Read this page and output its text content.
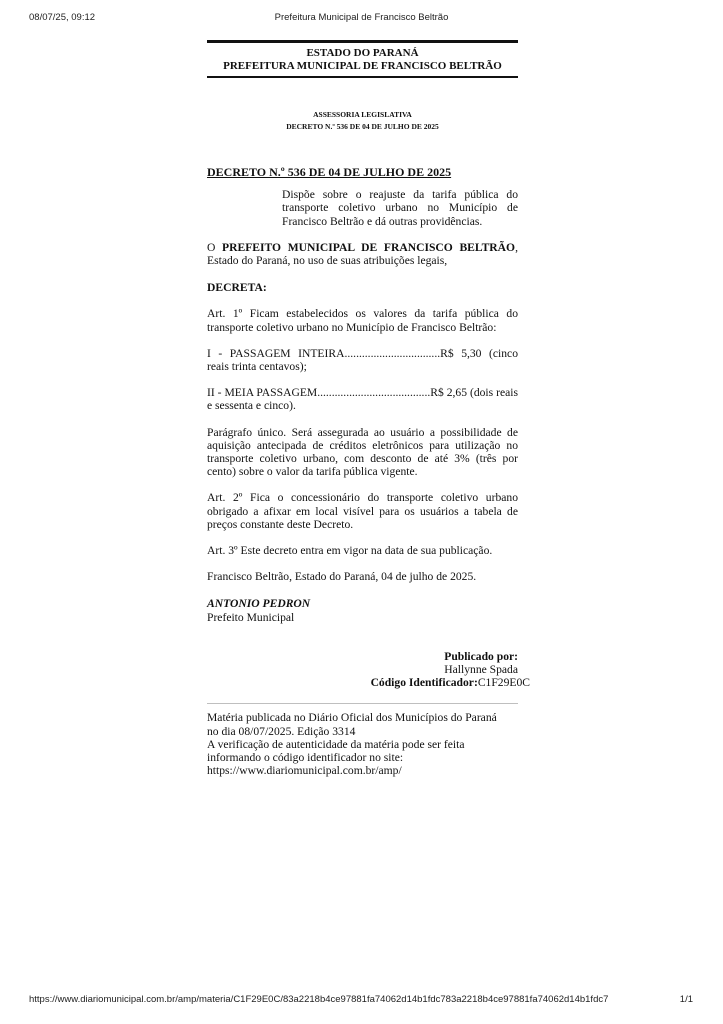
08/07/25, 09:12	Prefeitura Municipal de Francisco Beltrão
ESTADO DO PARANÁ
PREFEITURA MUNICIPAL DE FRANCISCO BELTRÃO
ASSESSORIA LEGISLATIVA
DECRETO N.º 536 DE 04 DE JULHO DE 2025
DECRETO N.º 536 DE 04 DE JULHO DE 2025

Dispõe sobre o reajuste da tarifa pública do transporte coletivo urbano no Município de Francisco Beltrão e dá outras providências.

O PREFEITO MUNICIPAL DE FRANCISCO BELTRÃO, Estado do Paraná, no uso de suas atribuições legais,

DECRETA:

Art. 1º Ficam estabelecidos os valores da tarifa pública do transporte coletivo urbano no Município de Francisco Beltrão:

I - PASSAGEM INTEIRA.................................R$ 5,30 (cinco reais trinta centavos);

II - MEIA PASSAGEM.......................................R$ 2,65 (dois reais e sessenta e cinco).

Parágrafo único. Será assegurada ao usuário a possibilidade de aquisição antecipada de créditos eletrônicos para utilização no transporte coletivo urbano, com desconto de até 3% (três por cento) sobre o valor da tarifa pública vigente.

Art. 2º Fica o concessionário do transporte coletivo urbano obrigado a afixar em local visível para os usuários a tabela de preços constante deste Decreto.

Art. 3º Este decreto entra em vigor na data de sua publicação.

Francisco Beltrão, Estado do Paraná, 04 de julho de 2025.

ANTONIO PEDRON
Prefeito Municipal
Publicado por:
Hallynne Spada
Código Identificador:C1F29E0C
Matéria publicada no Diário Oficial dos Municípios do Paraná
no dia 08/07/2025. Edição 3314
A verificação de autenticidade da matéria pode ser feita
informando o código identificador no site:
https://www.diariomunicipal.com.br/amp/
https://www.diariomunicipal.com.br/amp/materia/C1F29E0C/83a2218b4ce97881fa74062d14b1fdc783a2218b4ce97881fa74062d14b1fdc7	1/1
